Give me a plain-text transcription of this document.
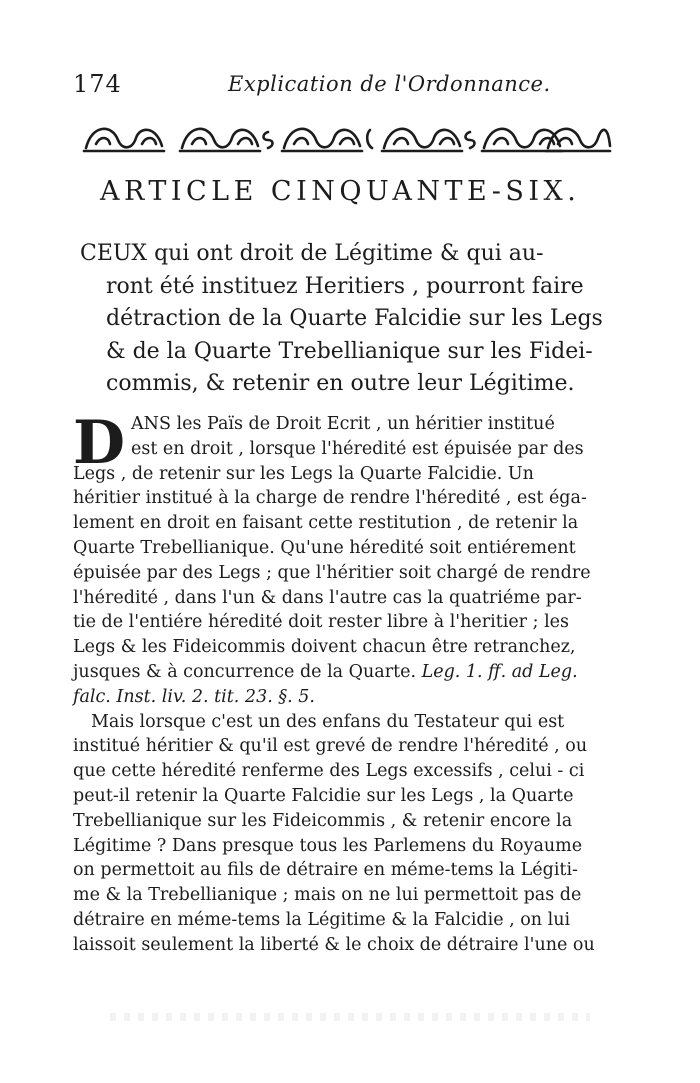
174	Explication de l'Ordonnance.
ARTICLE CINQUANTE-SIX.
CEUX qui ont droit de Légitime & qui au-
ront été instituez Heritiers , pourront faire
détraction de la Quarte Falcidie sur les Legs
& de la Quarte Trebellianique sur les Fidei-
commis, & retenir en outre leur Légitime.
D ANS les Païs de Droit Ecrit , un héritier institué
est en droit , lorsque l'héredité est épuisée par des
Legs , de retenir sur les Legs la Quarte Falcidie. Un
héritier institué à la charge de rendre l'héredité , est éga-
lement en droit en faisant cette restitution , de retenir la
Quarte Trebellianique. Qu'une héredité soit entiérement
épuisée par des Legs ; que l'héritier soit chargé de rendre
l'héredité , dans l'un & dans l'autre cas la quatriéme par-
tie de l'entiére héredité doit rester libre à l'heritier ; les
Legs & les Fideicommis doivent chacun être retranchez,
jusques & à concurrence de la Quarte. Leg. 1. ff. ad Leg.
falc. Inst. liv. 2. tit. 23. §. 5.
Mais lorsque c'est un des enfans du Testateur qui est
institué héritier & qu'il est grevé de rendre l'héredité , ou
que cette héredité renferme des Legs excessifs , celui - ci
peut-il retenir la Quarte Falcidie sur les Legs , la Quarte
Trebellianique sur les Fideicommis , & retenir encore la
Légitime ? Dans presque tous les Parlemens du Royaume
on permettoit au fils de détraire en méme-tems la Légiti-
me & la Trebellianique ; mais on ne lui permettoit pas de
détraire en méme-tems la Légitime & la Falcidie , on lui
laissoit seulement la liberté & le choix de détraire l'une ou
